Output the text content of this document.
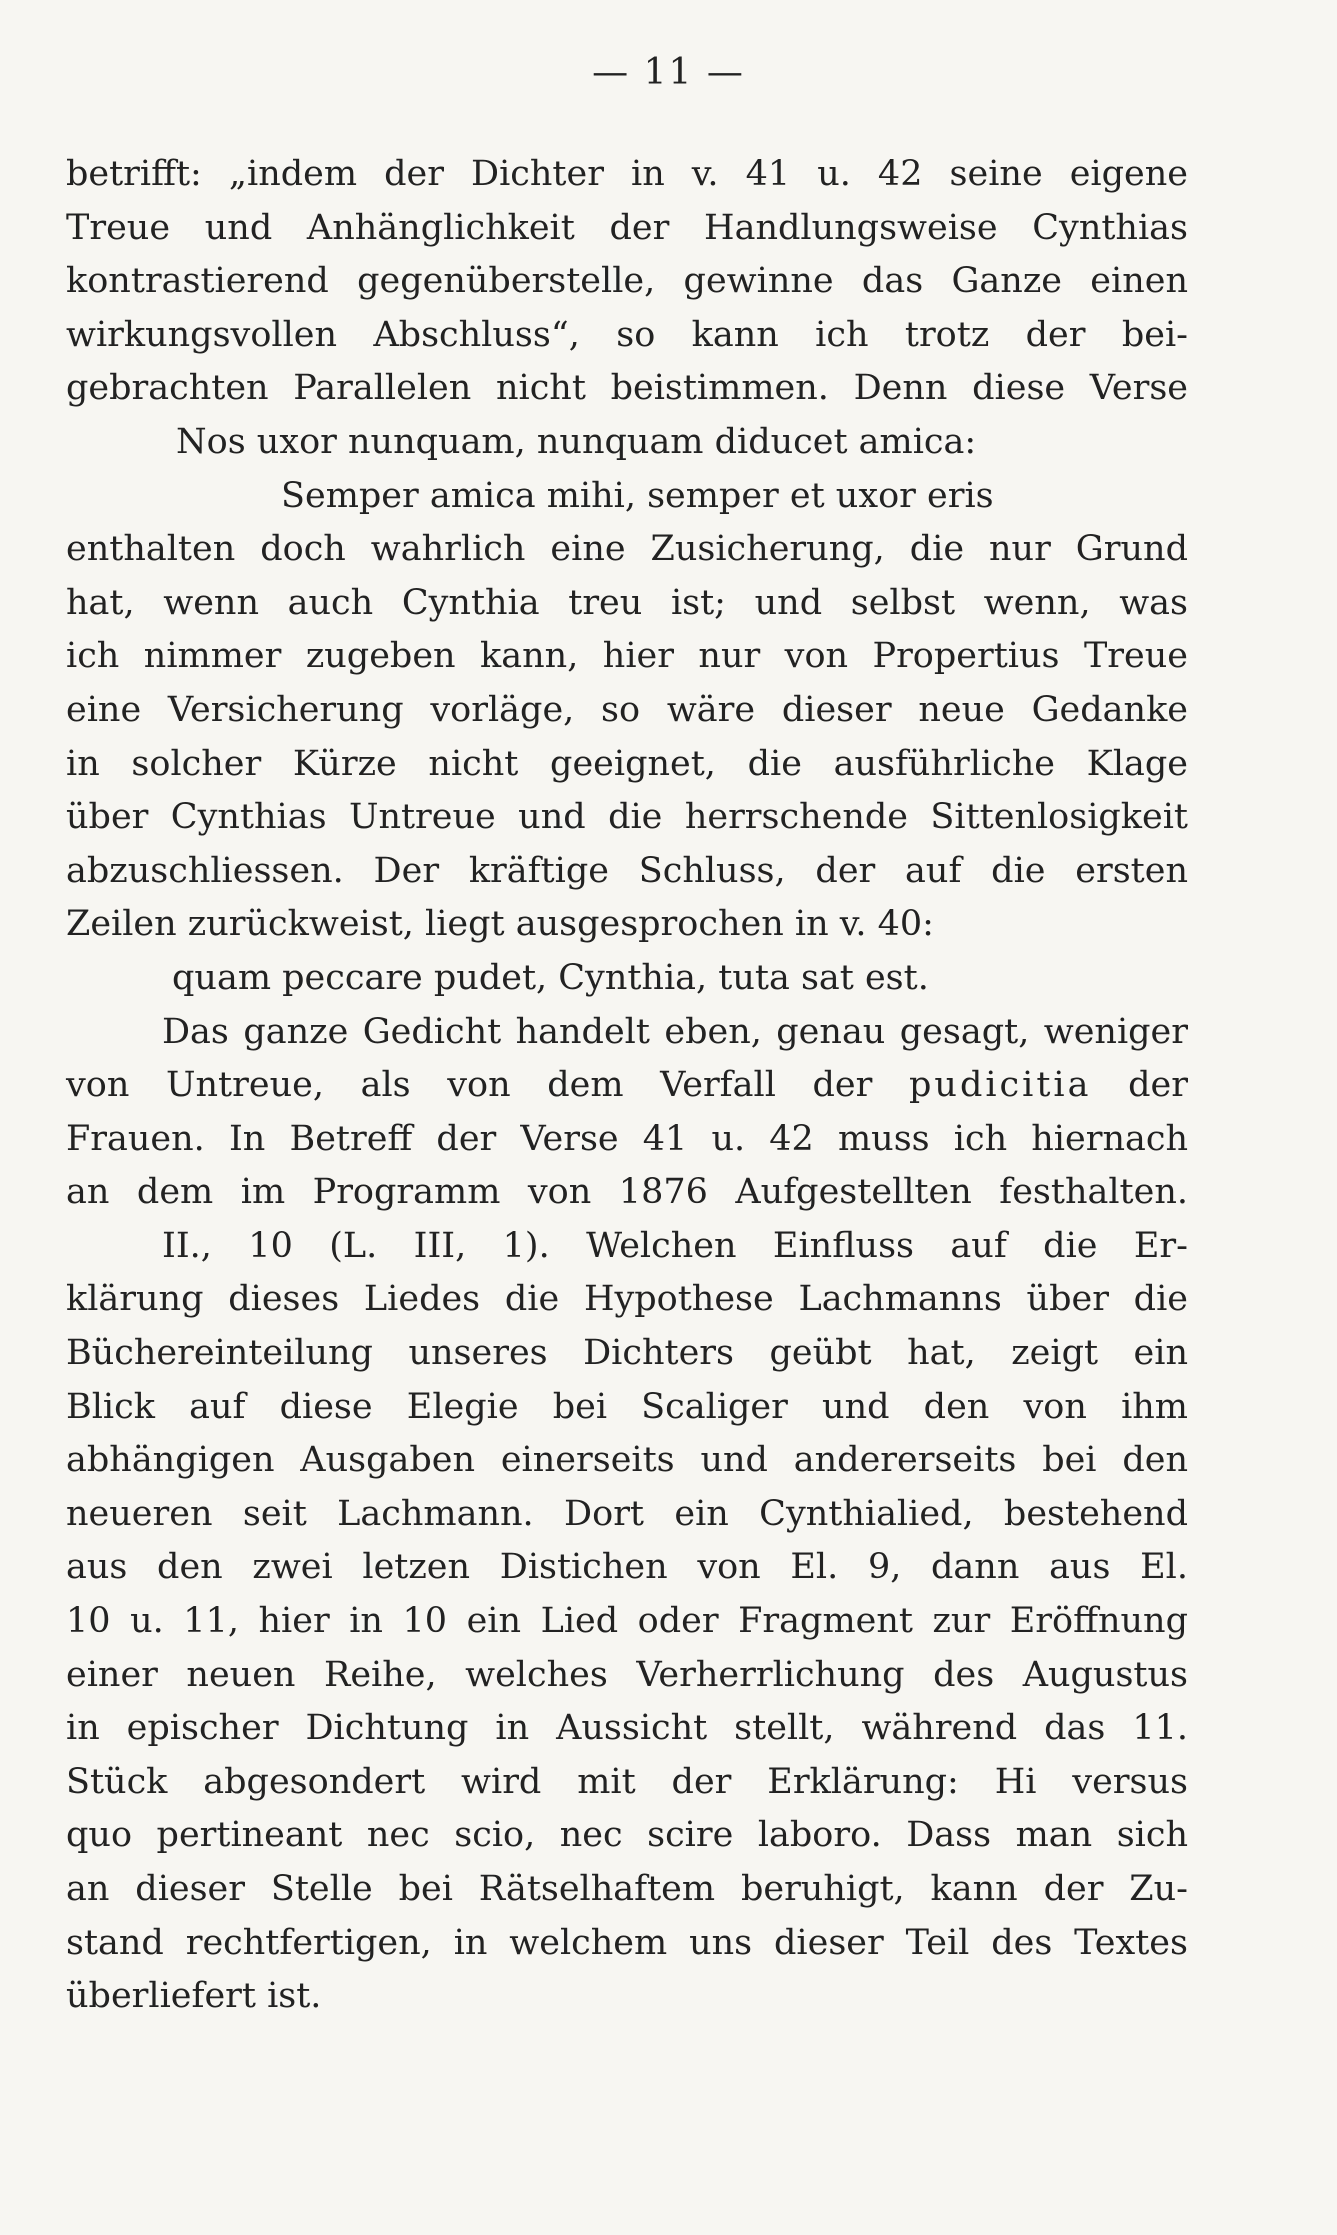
— 11 —
betrifft: „indem der Dichter in v. 41 u. 42 seine eigene
Treue und Anhänglichkeit der Handlungsweise Cynthias
kontrastierend gegenüberstelle, gewinne das Ganze einen
wirkungsvollen Abschluss“, so kann ich trotz der bei-
gebrachten Parallelen nicht beistimmen. Denn diese Verse
Nos uxor nunquam, nunquam diducet amica:
Semper amica mihi, semper et uxor eris
enthalten doch wahrlich eine Zusicherung, die nur Grund
hat, wenn auch Cynthia treu ist; und selbst wenn, was
ich nimmer zugeben kann, hier nur von Propertius Treue
eine Versicherung vorläge, so wäre dieser neue Gedanke
in solcher Kürze nicht geeignet, die ausführliche Klage
über Cynthias Untreue und die herrschende Sittenlosigkeit
abzuschliessen. Der kräftige Schluss, der auf die ersten
Zeilen zurückweist, liegt ausgesprochen in v. 40:
quam peccare pudet, Cynthia, tuta sat est.
Das ganze Gedicht handelt eben, genau gesagt, weniger
von Untreue, als von dem Verfall der pudicitia der
Frauen. In Betreff der Verse 41 u. 42 muss ich hiernach
an dem im Programm von 1876 Aufgestellten festhalten.
II., 10 (L. III, 1). Welchen Einfluss auf die Er-
klärung dieses Liedes die Hypothese Lachmanns über die
Büchereinteilung unseres Dichters geübt hat, zeigt ein
Blick auf diese Elegie bei Scaliger und den von ihm
abhängigen Ausgaben einerseits und andererseits bei den
neueren seit Lachmann. Dort ein Cynthialied, bestehend
aus den zwei letzen Distichen von El. 9, dann aus El.
10 u. 11, hier in 10 ein Lied oder Fragment zur Eröffnung
einer neuen Reihe, welches Verherrlichung des Augustus
in epischer Dichtung in Aussicht stellt, während das 11.
Stück abgesondert wird mit der Erklärung: Hi versus
quo pertineant nec scio, nec scire laboro. Dass man sich
an dieser Stelle bei Rätselhaftem beruhigt, kann der Zu-
stand rechtfertigen, in welchem uns dieser Teil des Textes
überliefert ist.
